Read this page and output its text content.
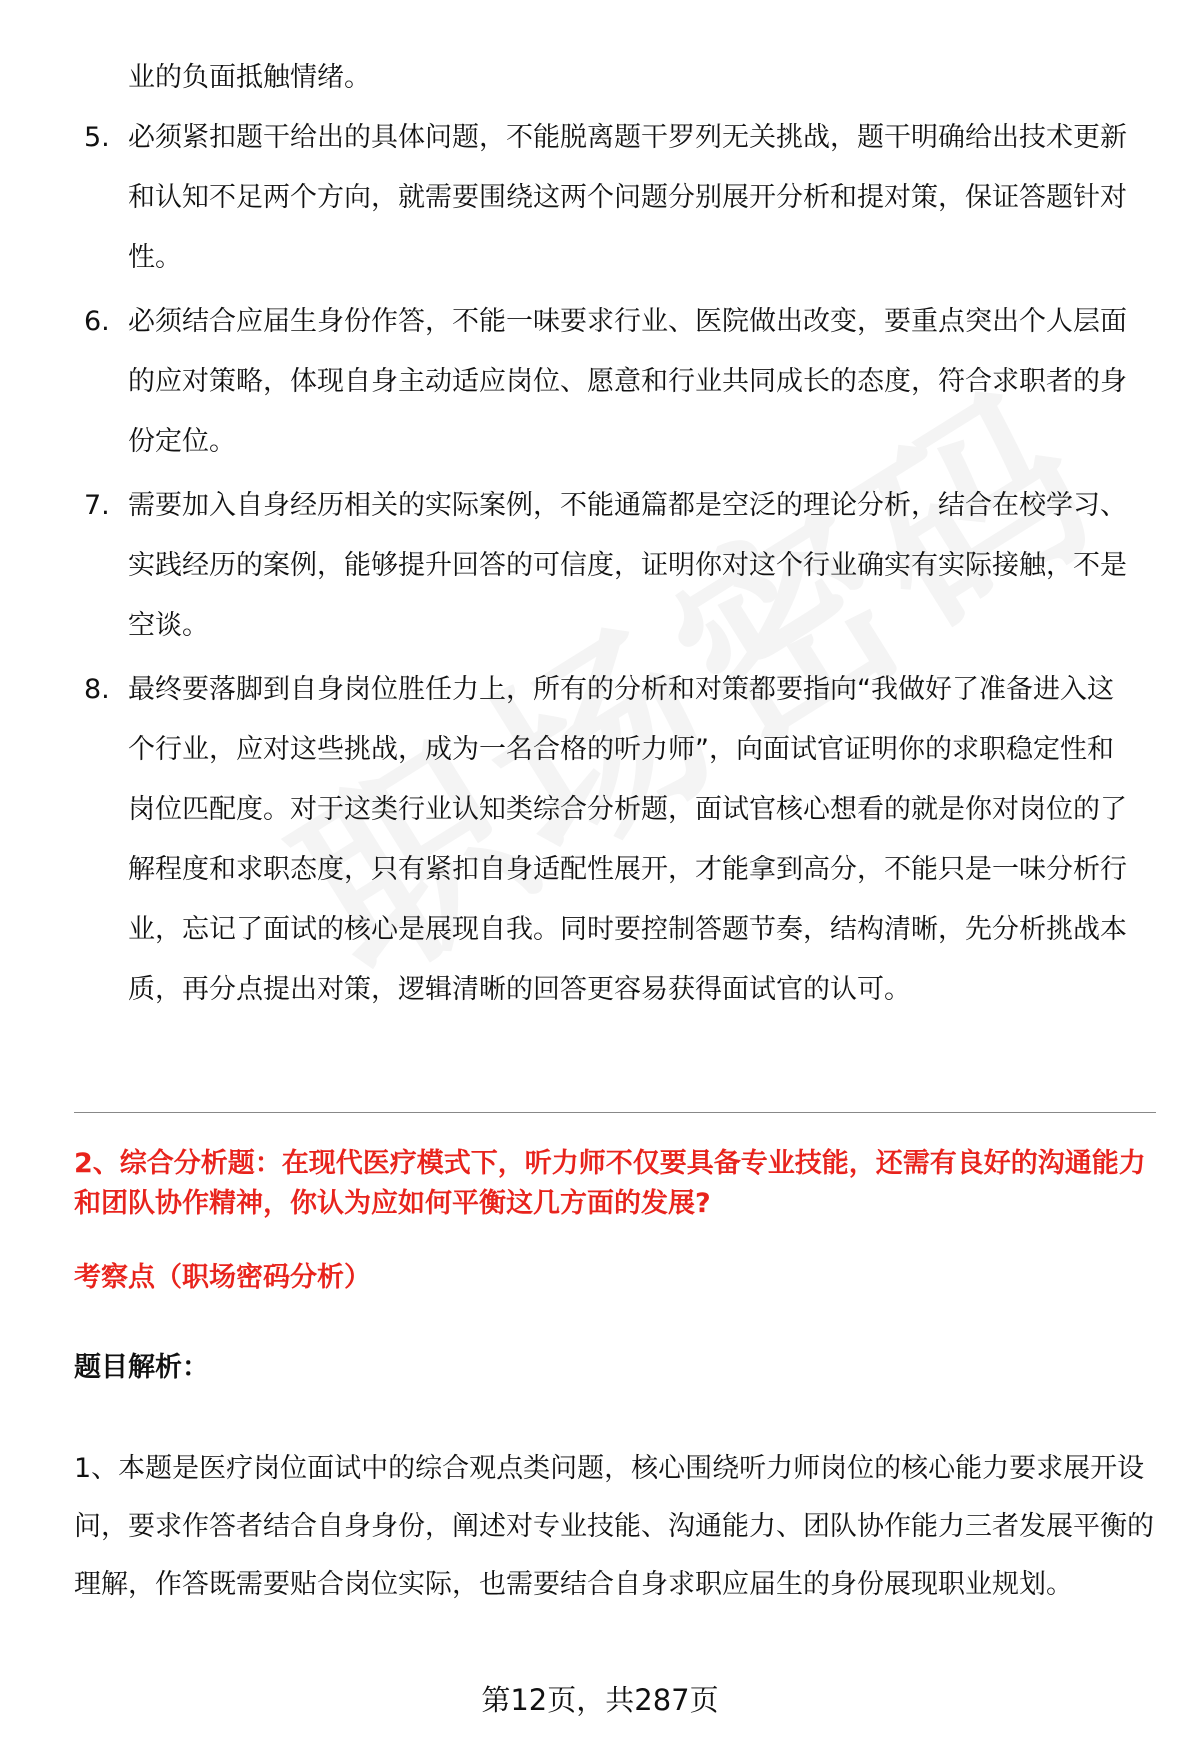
业的负面抵触情绪。

5. 必须紧扣题干给出的具体问题，不能脱离题干罗列无关挑战，题干明确给出技术更新和认知不足两个方向，就需要围绕这两个问题分别展开分析和提对策，保证答题针对性。
6. 必须结合应届生身份作答，不能一味要求行业、医院做出改变，要重点突出个人层面的应对策略，体现自身主动适应岗位、愿意和行业共同成长的态度，符合求职者的身份定位。
7. 需要加入自身经历相关的实际案例，不能通篇都是空泛的理论分析，结合在校学习、实践经历的案例，能够提升回答的可信度，证明你对这个行业确实有实际接触，不是空谈。
8. 最终要落脚到自身岗位胜任力上，所有的分析和对策都要指向“我做好了准备进入这个行业，应对这些挑战，成为一名合格的听力师”，向面试官证明你的求职稳定性和岗位匹配度。对于这类行业认知类综合分析题，面试官核心想看的就是你对岗位的了解程度和求职态度，只有紧扣自身适配性展开，才能拿到高分，不能只是一味分析行业，忘记了面试的核心是展现自我。同时要控制答题节奏，结构清晰，先分析挑战本质，再分点提出对策，逻辑清晰的回答更容易获得面试官的认可。
2、综合分析题：在现代医疗模式下，听力师不仅要具备专业技能，还需有良好的沟通能力和团队协作精神，你认为应如何平衡这几方面的发展?
考察点（职场密码分析）
题目解析：

1、本题是医疗岗位面试中的综合观点类问题，核心围绕听力师岗位的核心能力要求展开设问，要求作答者结合自身身份，阐述对专业技能、沟通能力、团队协作能力三者发展平衡的理解，作答既需要贴合岗位实际，也需要结合自身求职应届生的身份展现职业规划。

第12页，共287页
